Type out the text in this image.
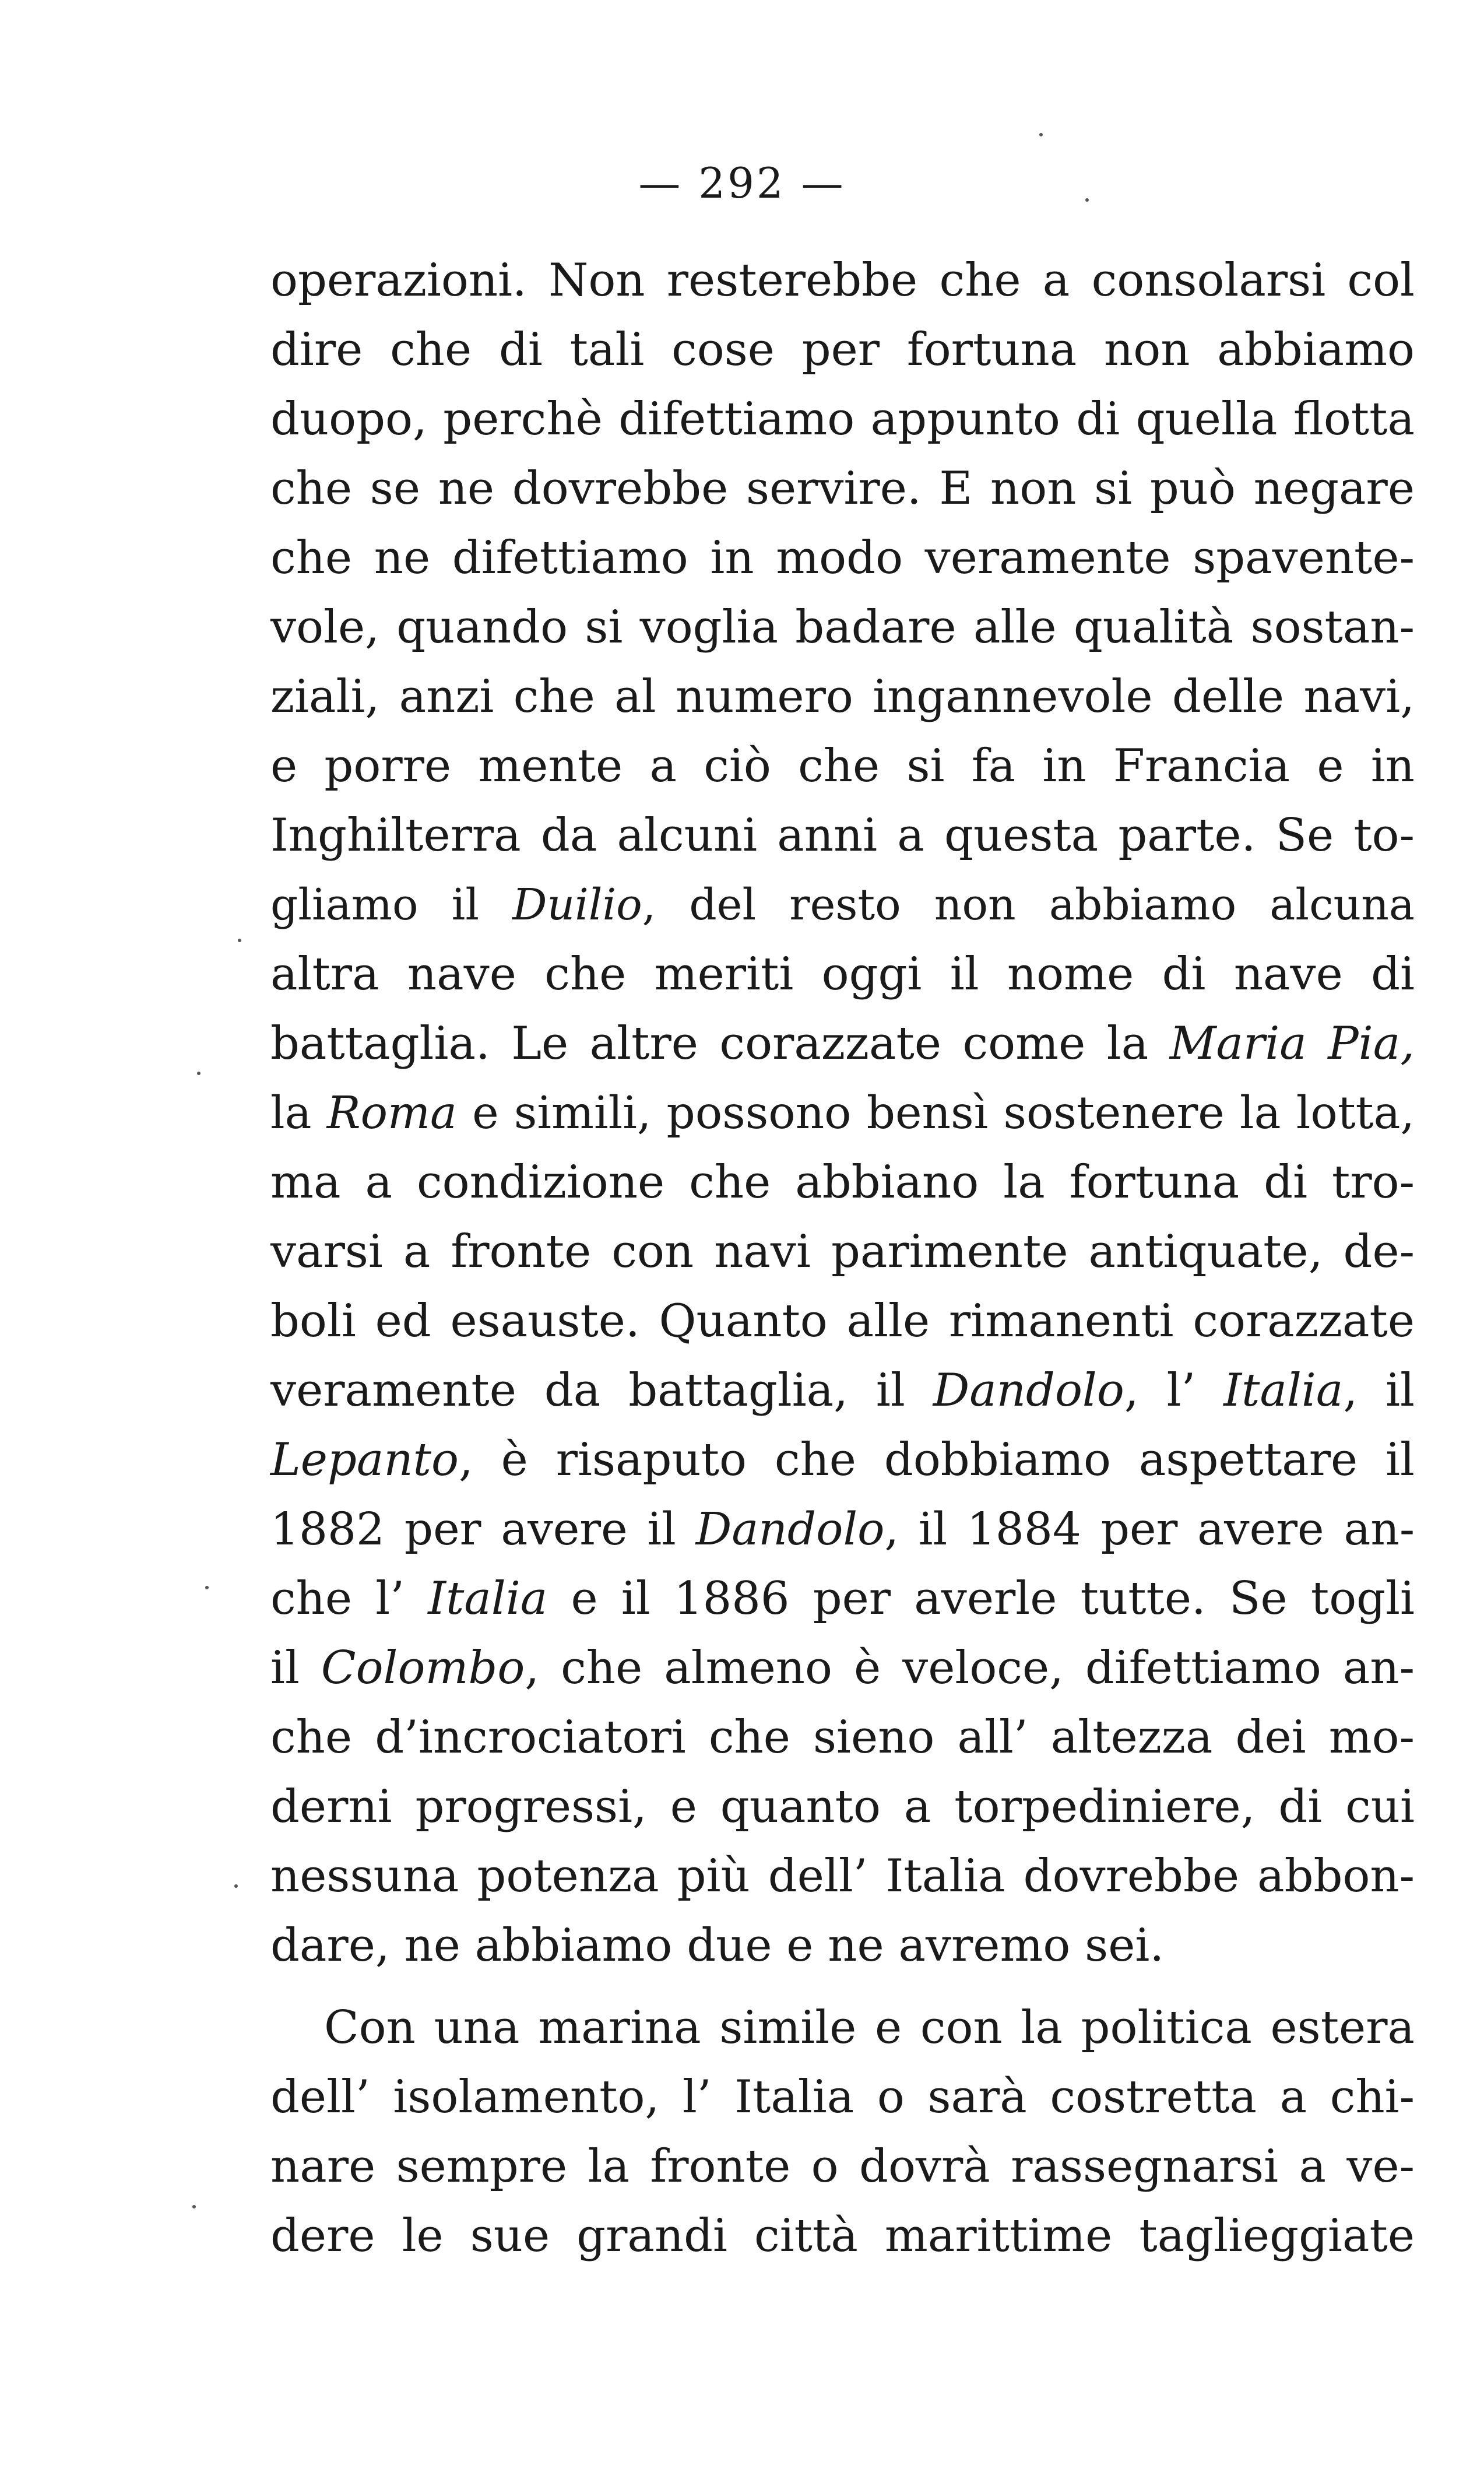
— 292 —
operazioni. Non resterebbe che a consolarsi col
dire che di tali cose per fortuna non abbiamo
duopo, perchè difettiamo appunto di quella flotta
che se ne dovrebbe servire. E non si può negare
che ne difettiamo in modo veramente spavente-
vole, quando si voglia badare alle qualità sostan-
ziali, anzi che al numero ingannevole delle navi,
e porre mente a ciò che si fa in Francia e in
Inghilterra da alcuni anni a questa parte. Se to-
gliamo il Duilio, del resto non abbiamo alcuna
altra nave che meriti oggi il nome di nave di
battaglia. Le altre corazzate come la Maria Pia,
la Roma e simili, possono bensì sostenere la lotta,
ma a condizione che abbiano la fortuna di tro-
varsi a fronte con navi parimente antiquate, de-
boli ed esauste. Quanto alle rimanenti corazzate
veramente da battaglia, il Dandolo, l’ Italia, il
Lepanto, è risaputo che dobbiamo aspettare il
1882 per avere il Dandolo, il 1884 per avere an-
che l’ Italia e il 1886 per averle tutte. Se togli
il Colombo, che almeno è veloce, difettiamo an-
che d’incrociatori che sieno all’ altezza dei mo-
derni progressi, e quanto a torpediniere, di cui
nessuna potenza più dell’ Italia dovrebbe abbon-
dare, ne abbiamo due e ne avremo sei.
Con una marina simile e con la politica estera
dell’ isolamento, l’ Italia o sarà costretta a chi-
nare sempre la fronte o dovrà rassegnarsi a ve-
dere le sue grandi città marittime taglieggiate
